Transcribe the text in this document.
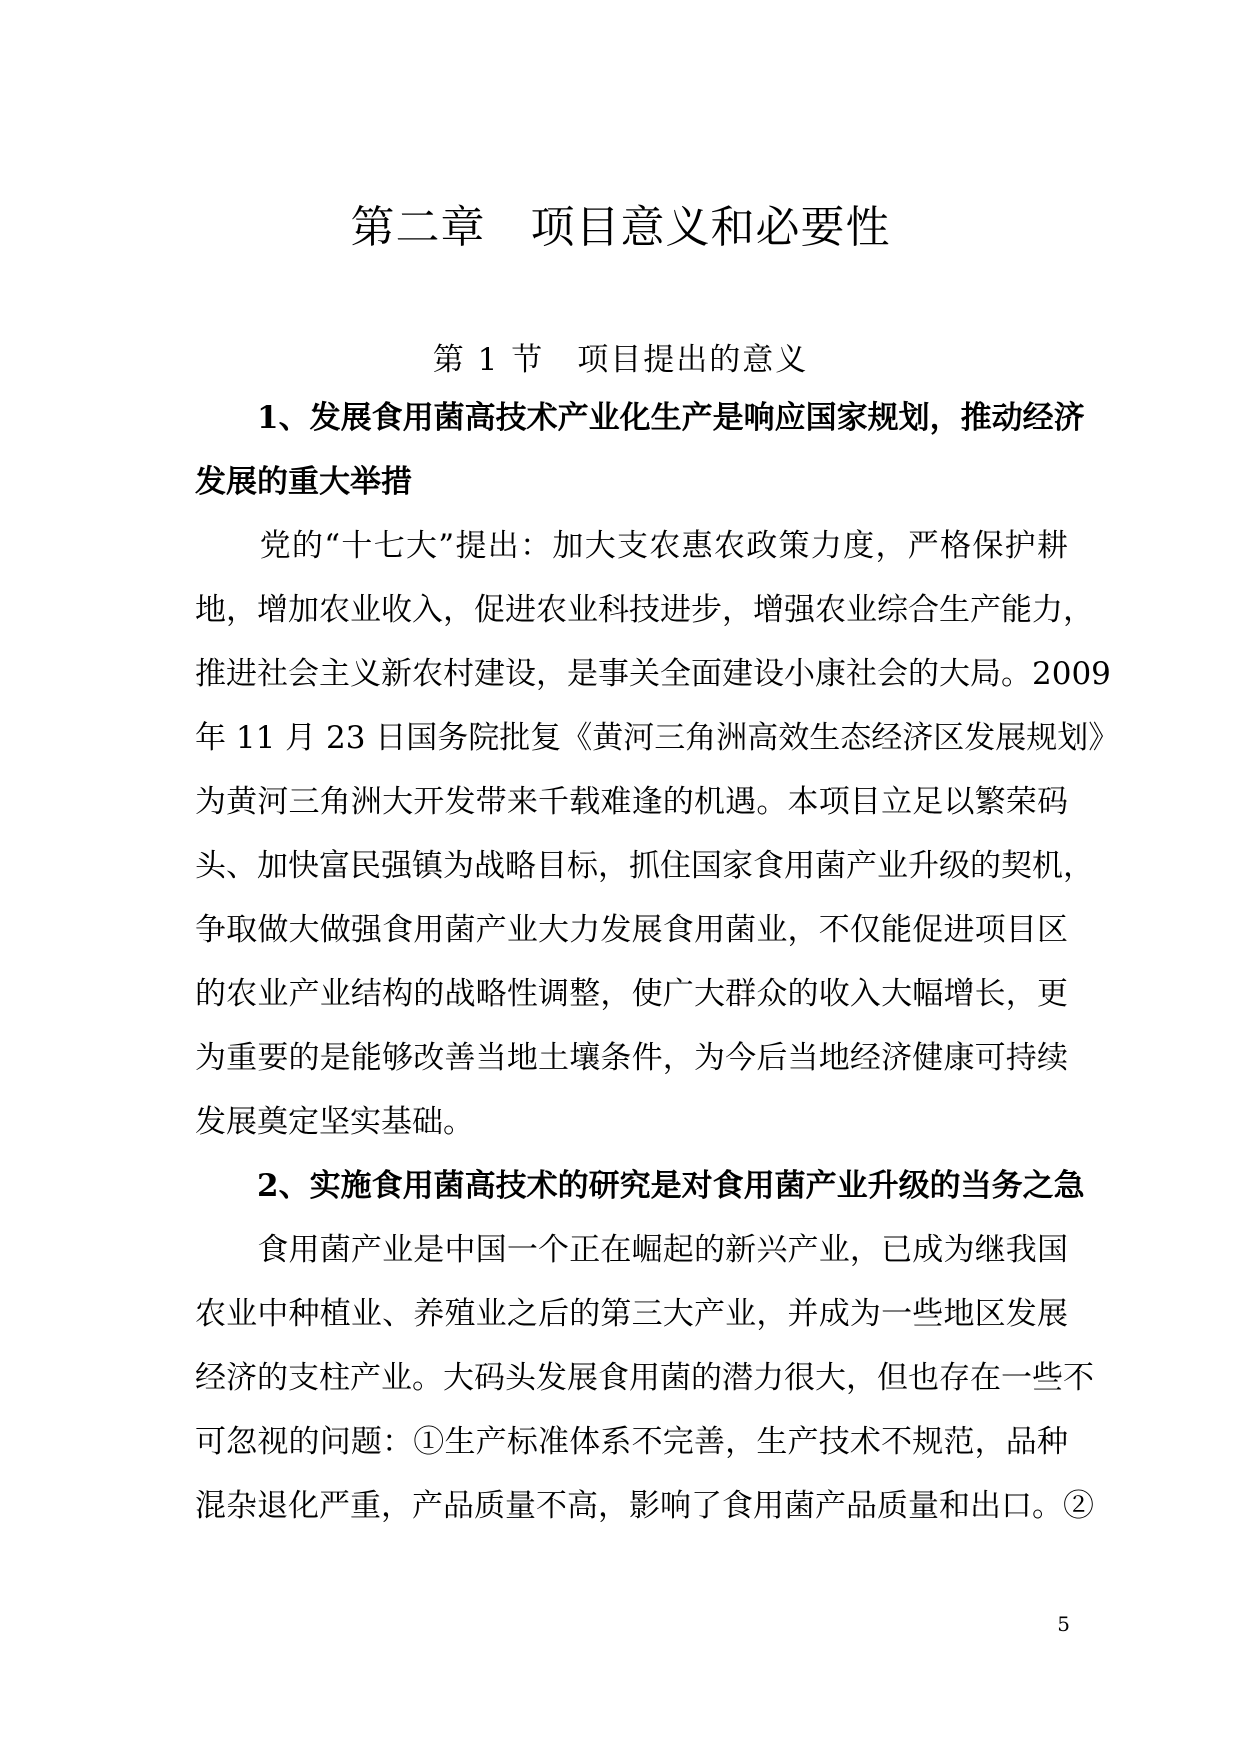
第二章　项目意义和必要性
第 1 节　项目提出的意义
　　1、发展食用菌高技术产业化生产是响应国家规划，推动经济
发展的重大举措
　　党的“十七大”提出：加大支农惠农政策力度，严格保护耕
地，增加农业收入，促进农业科技进步，增强农业综合生产能力，
推进社会主义新农村建设，是事关全面建设小康社会的大局。2009
年 11 月 23 日国务院批复《黄河三角洲高效生态经济区发展规划》
为黄河三角洲大开发带来千载难逢的机遇。本项目立足以繁荣码
头、加快富民强镇为战略目标，抓住国家食用菌产业升级的契机，
争取做大做强食用菌产业大力发展食用菌业，不仅能促进项目区
的农业产业结构的战略性调整，使广大群众的收入大幅增长，更
为重要的是能够改善当地土壤条件，为今后当地经济健康可持续
发展奠定坚实基础。
　　2、实施食用菌高技术的研究是对食用菌产业升级的当务之急
　　食用菌产业是中国一个正在崛起的新兴产业，已成为继我国
农业中种植业、养殖业之后的第三大产业，并成为一些地区发展
经济的支柱产业。大码头发展食用菌的潜力很大，但也存在一些不
可忽视的问题：①生产标准体系不完善，生产技术不规范，品种
混杂退化严重，产品质量不高，影响了食用菌产品质量和出口。②
5
